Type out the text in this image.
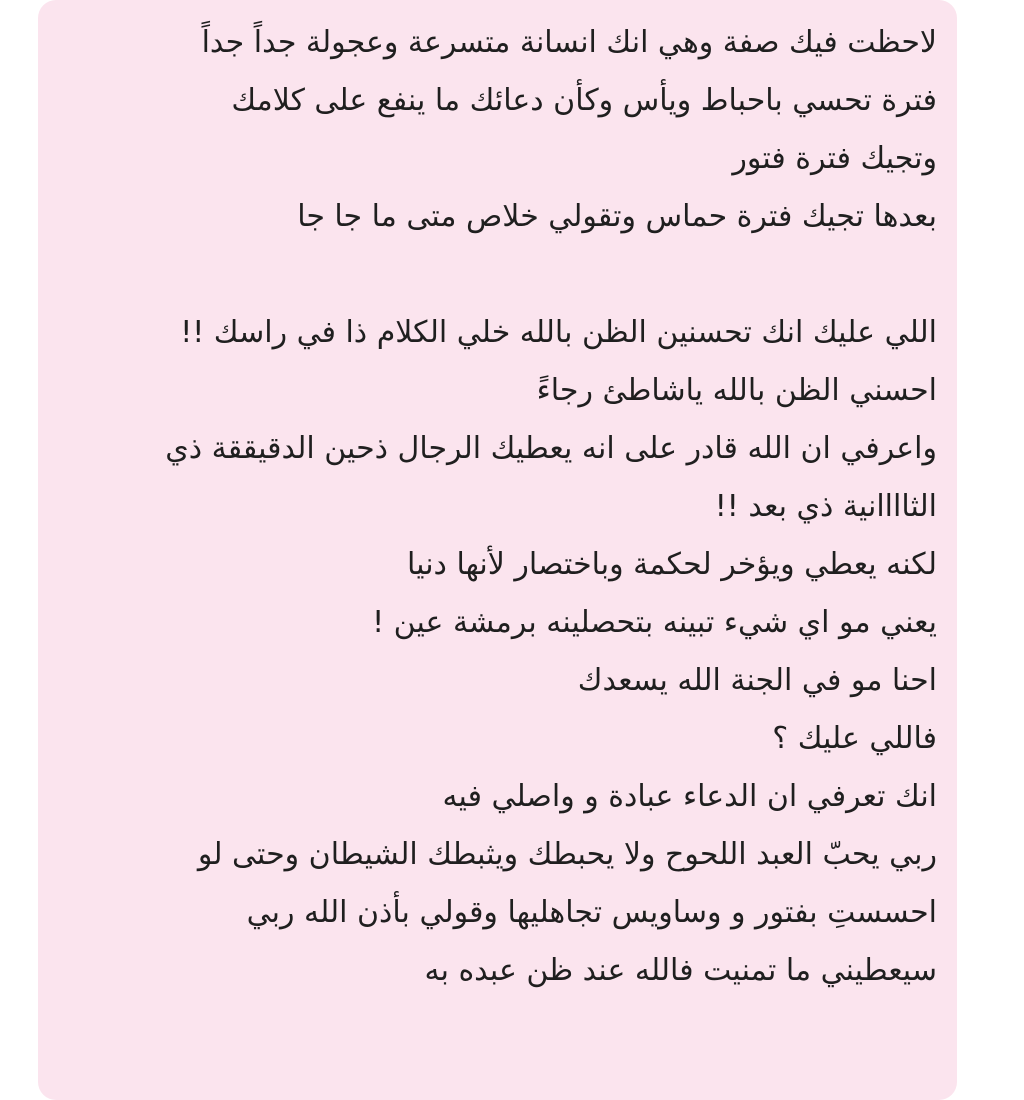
لاحظت فيك صفة وهي انك انسانة متسرعة وعجولة جداً جداً
فترة تحسي باحباط ويأس وكأن دعائك ما ينفع على كلامك
وتجيك فترة فتور
بعدها تجيك فترة حماس وتقولي خلاص متى ما جا جا
اللي عليك انك تحسنين الظن بالله خلي الكلام ذا في راسك !!
احسني الظن بالله ياشاطئ رجاءً
واعرفي ان الله قادر على انه يعطيك الرجال ذحين الدقيققة ذي
الثاااانية ذي بعد !!
لكنه يعطي ويؤخر لحكمة وباختصار لأنها دنيا
يعني مو اي شيء تبينه بتحصلينه برمشة عين !
احنا مو في الجنة الله يسعدك
فاللي عليك ؟
انك تعرفي ان الدعاء عبادة و واصلي فيه
ربي يحبّ العبد اللحوح ولا يحبطك ويثبطك الشيطان وحتى لو
احسستِ بفتور و وساويس تجاهليها وقولي بأذن الله ربي
سيعطيني ما تمنيت فالله عند ظن عبده به
